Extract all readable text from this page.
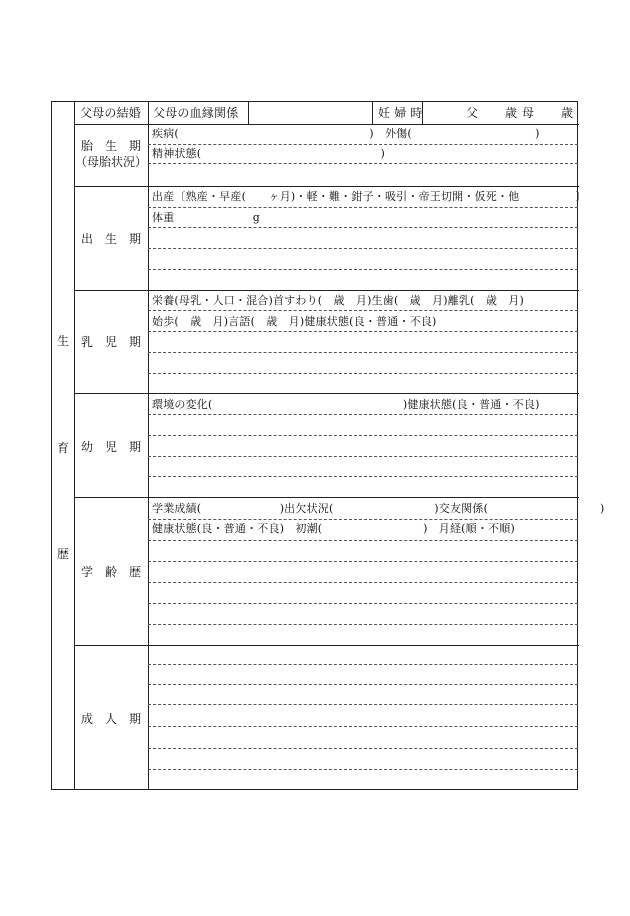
生
育
歴
父母の結婚 父母の血縁関係	妊 婦 時	父　　歳 母　　歳
胎　生　期
（母胎状況）
出　生　期
乳　児　期
幼　児　期
学　齢　歴
成　人　期
疾病(　　　　　　　　　　　　　　　　　)　外傷(　　　　　　　　　　　)
精神状態(　　　　　　　　　　　　　　　　)
出産〔熟産・早産(　　ヶ月)・軽・難・鉗子・吸引・帝王切開・仮死・他　　　　　〕
体重　　　　　　　g
栄養(母乳・人口・混合)首すわり(　歳　月)生歯(　歳　月)離乳(　歳　月)
始歩(　歳　月)言語(　歳　月)健康状態(良・普通・不良)
環境の変化(　　　　　　　　　　　　　　　　　)健康状態(良・普通・不良)
学業成績(　　　　　　　)出欠状況(　　　　　　　　　)交友関係(　　　　　　　　　　)
健康状態(良・普通・不良)　初潮(　　　　　　　　　)　月経(順・不順)
